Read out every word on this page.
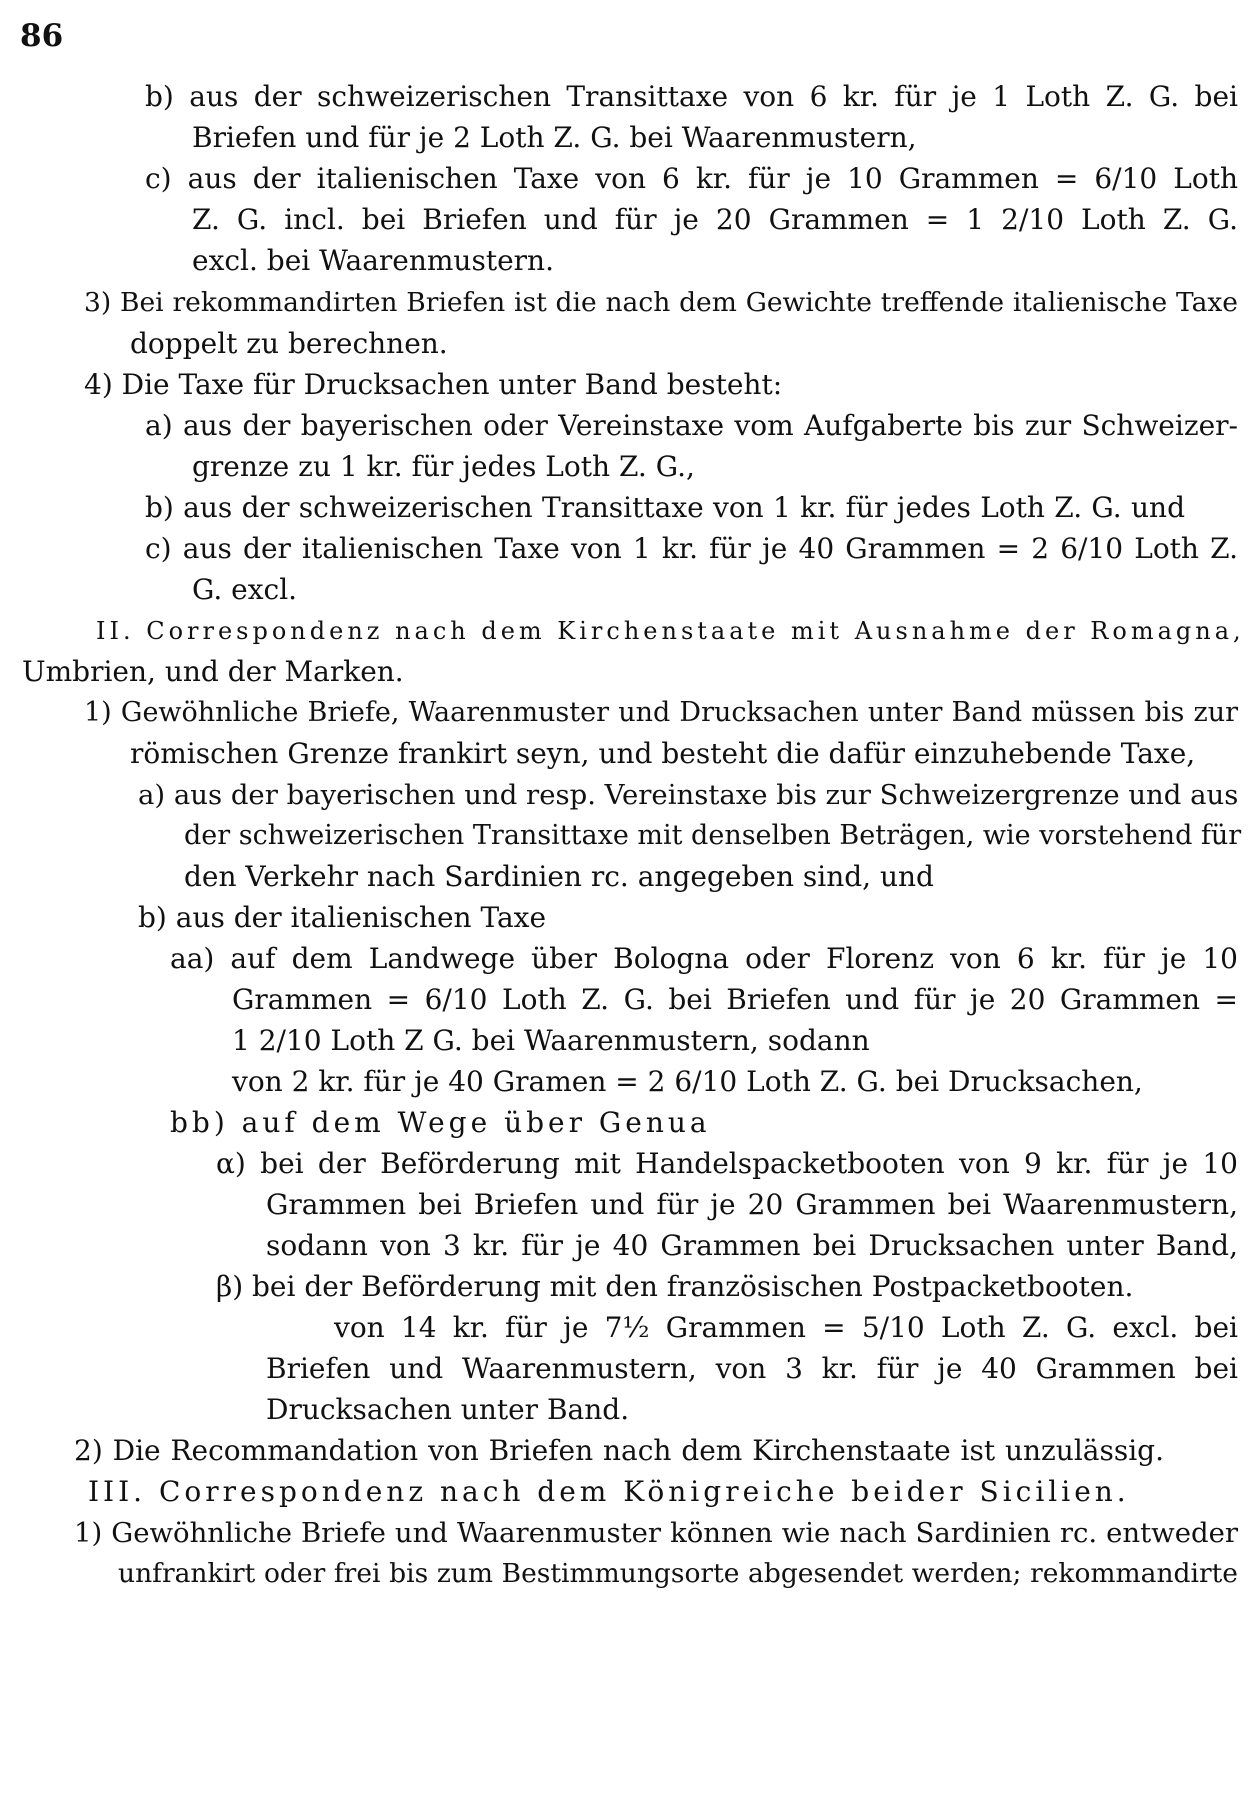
86
b) aus der schweizerischen Transittaxe von 6 kr. für je 1 Loth Z. G. bei
Briefen und für je 2 Loth Z. G. bei Waarenmustern,
c) aus der italienischen Taxe von 6 kr. für je 10 Grammen = 6/10 Loth
Z. G. incl. bei Briefen und für je 20 Grammen = 1 2/10 Loth Z. G.
excl. bei Waarenmustern.
3) Bei rekommandirten Briefen ist die nach dem Gewichte treffende italienische Taxe
doppelt zu berechnen.
4) Die Taxe für Drucksachen unter Band besteht:
a) aus der bayerischen oder Vereinstaxe vom Aufgaberte bis zur Schweizer-
grenze zu 1 kr. für jedes Loth Z. G.,
b) aus der schweizerischen Transittaxe von 1 kr. für jedes Loth Z. G. und
c) aus der italienischen Taxe von 1 kr. für je 40 Grammen = 2 6/10 Loth Z.
G. excl.
II. Correspondenz nach dem Kirchenstaate mit Ausnahme der Romagna,
Umbrien, und der Marken.
1) Gewöhnliche Briefe, Waarenmuster und Drucksachen unter Band müssen bis zur
römischen Grenze frankirt seyn, und besteht die dafür einzuhebende Taxe,
a) aus der bayerischen und resp. Vereinstaxe bis zur Schweizergrenze und aus
der schweizerischen Transittaxe mit denselben Beträgen, wie vorstehend für
den Verkehr nach Sardinien rc. angegeben sind, und
b) aus der italienischen Taxe
aa) auf dem Landwege über Bologna oder Florenz von 6 kr. für je 10
Grammen = 6/10 Loth Z. G. bei Briefen und für je 20 Grammen =
1 2/10 Loth Z G. bei Waarenmustern, sodann
von 2 kr. für je 40 Gramen = 2 6/10 Loth Z. G. bei Drucksachen,
bb) auf dem Wege über Genua
α) bei der Beförderung mit Handelspacketbooten von 9 kr. für je 10
Grammen bei Briefen und für je 20 Grammen bei Waarenmustern,
sodann von 3 kr. für je 40 Grammen bei Drucksachen unter Band,
β) bei der Beförderung mit den französischen Postpacketbooten.
von 14 kr. für je 7½ Grammen = 5/10 Loth Z. G. excl. bei
Briefen und Waarenmustern, von 3 kr. für je 40 Grammen bei
Drucksachen unter Band.
2) Die Recommandation von Briefen nach dem Kirchenstaate ist unzulässig.
III. Correspondenz nach dem Königreiche beider Sicilien.
1) Gewöhnliche Briefe und Waarenmuster können wie nach Sardinien rc. entweder
unfrankirt oder frei bis zum Bestimmungsorte abgesendet werden; rekommandirte
